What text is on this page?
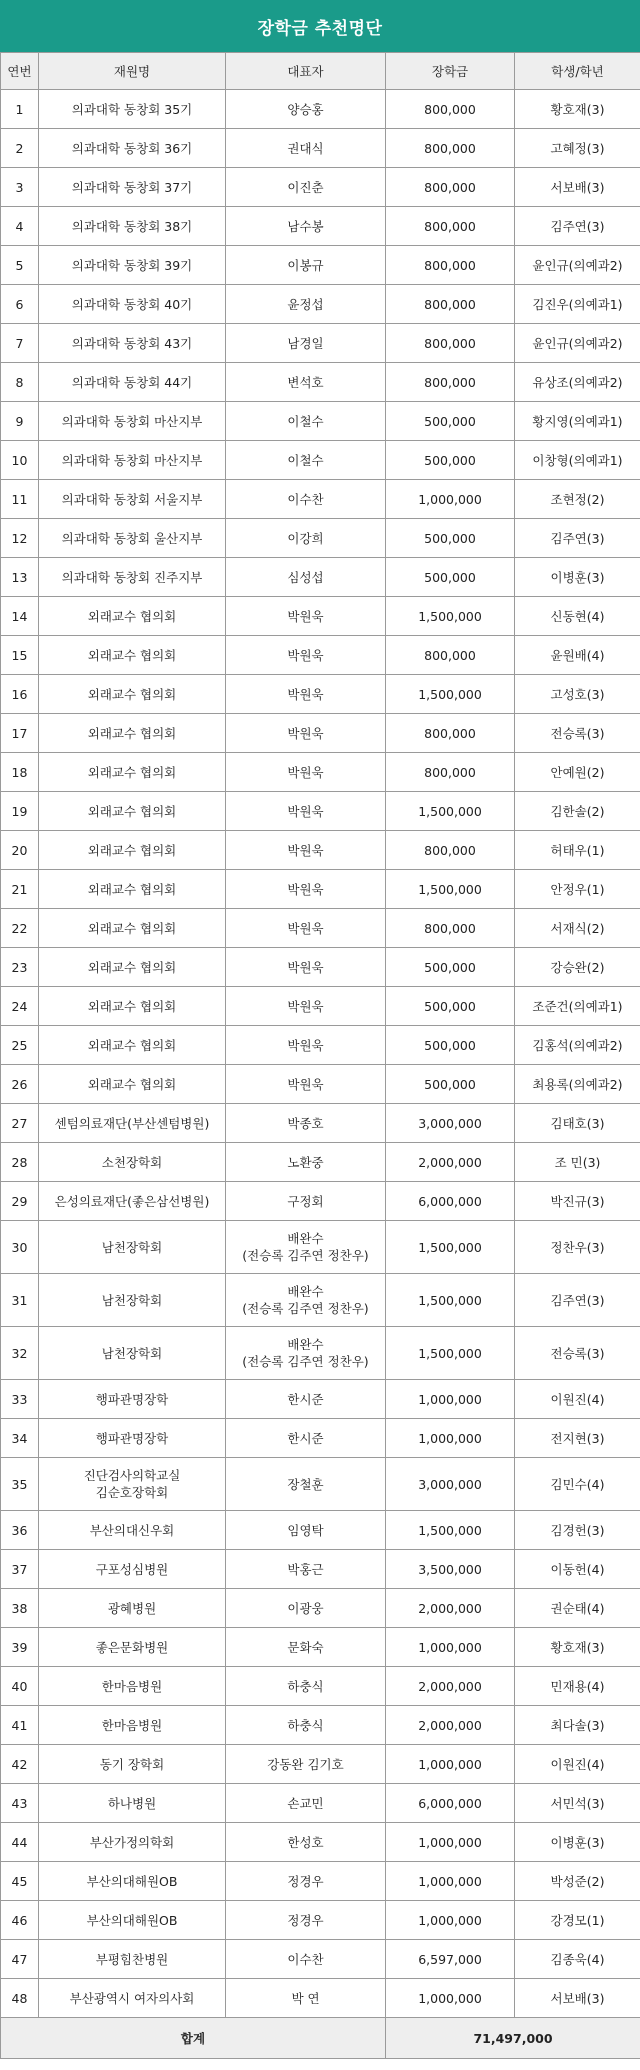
장학금 추천명단
연번	재원명	대표자	장학금	학생/학년
1	의과대학 동창회 35기	양승홍	800,000	황호재(3)
2	의과대학 동창회 36기	권대식	800,000	고혜정(3)
3	의과대학 동창회 37기	이진춘	800,000	서보배(3)
4	의과대학 동창회 38기	남수봉	800,000	김주연(3)
5	의과대학 동창회 39기	이봉규	800,000	윤인규(의예과2)
6	의과대학 동창회 40기	윤정섭	800,000	김진우(의예과1)
7	의과대학 동창회 43기	남경일	800,000	윤인규(의예과2)
8	의과대학 동창회 44기	변석호	800,000	유상조(의예과2)
9	의과대학 동창회 마산지부	이철수	500,000	황지영(의예과1)
10	의과대학 동창회 마산지부	이철수	500,000	이창형(의예과1)
11	의과대학 동창회 서울지부	이수찬	1,000,000	조현정(2)
12	의과대학 동창회 울산지부	이강희	500,000	김주연(3)
13	의과대학 동창회 진주지부	심성섭	500,000	이병훈(3)
14	외래교수 협의회	박원욱	1,500,000	신동현(4)
15	외래교수 협의회	박원욱	800,000	윤원배(4)
16	외래교수 협의회	박원욱	1,500,000	고성호(3)
17	외래교수 협의회	박원욱	800,000	전승록(3)
18	외래교수 협의회	박원욱	800,000	안예원(2)
19	외래교수 협의회	박원욱	1,500,000	김한솔(2)
20	외래교수 협의회	박원욱	800,000	허태우(1)
21	외래교수 협의회	박원욱	1,500,000	안정우(1)
22	외래교수 협의회	박원욱	800,000	서재식(2)
23	외래교수 협의회	박원욱	500,000	강승완(2)
24	외래교수 협의회	박원욱	500,000	조준건(의예과1)
25	외래교수 협의회	박원욱	500,000	김홍석(의예과2)
26	외래교수 협의회	박원욱	500,000	최용록(의예과2)
27	센텀의료재단(부산센텀병원)	박종호	3,000,000	김태호(3)
28	소천장학회	노환중	2,000,000	조 민(3)
29	은성의료재단(좋은삼선병원)	구정회	6,000,000	박진규(3)
30	남천장학회	배완수
(전승록 김주연 정찬우)	1,500,000	정찬우(3)
31	남천장학회	배완수
(전승록 김주연 정찬우)	1,500,000	김주연(3)
32	남천장학회	배완수
(전승록 김주연 정찬우)	1,500,000	전승록(3)
33	행파관명장학	한시준	1,000,000	이원진(4)
34	행파관명장학	한시준	1,000,000	전지현(3)
35	진단검사의학교실
김순호장학회	장철훈	3,000,000	김민수(4)
36	부산의대신우회	임영탁	1,500,000	김경헌(3)
37	구포성심병원	박홍근	3,500,000	이동헌(4)
38	광혜병원	이광웅	2,000,000	권순태(4)
39	좋은문화병원	문화숙	1,000,000	황호재(3)
40	한마음병원	하충식	2,000,000	민재용(4)
41	한마음병원	하충식	2,000,000	최다솔(3)
42	동기 장학회	강동완 김기호	1,000,000	이원진(4)
43	하나병원	손교민	6,000,000	서민석(3)
44	부산가정의학회	한성호	1,000,000	이병훈(3)
45	부산의대해원OB	정경우	1,000,000	박성준(2)
46	부산의대해원OB	정경우	1,000,000	강경모(1)
47	부평힘찬병원	이수찬	6,597,000	김종욱(4)
48	부산광역시 여자의사회	박 연	1,000,000	서보배(3)
합계			71,497,000	
